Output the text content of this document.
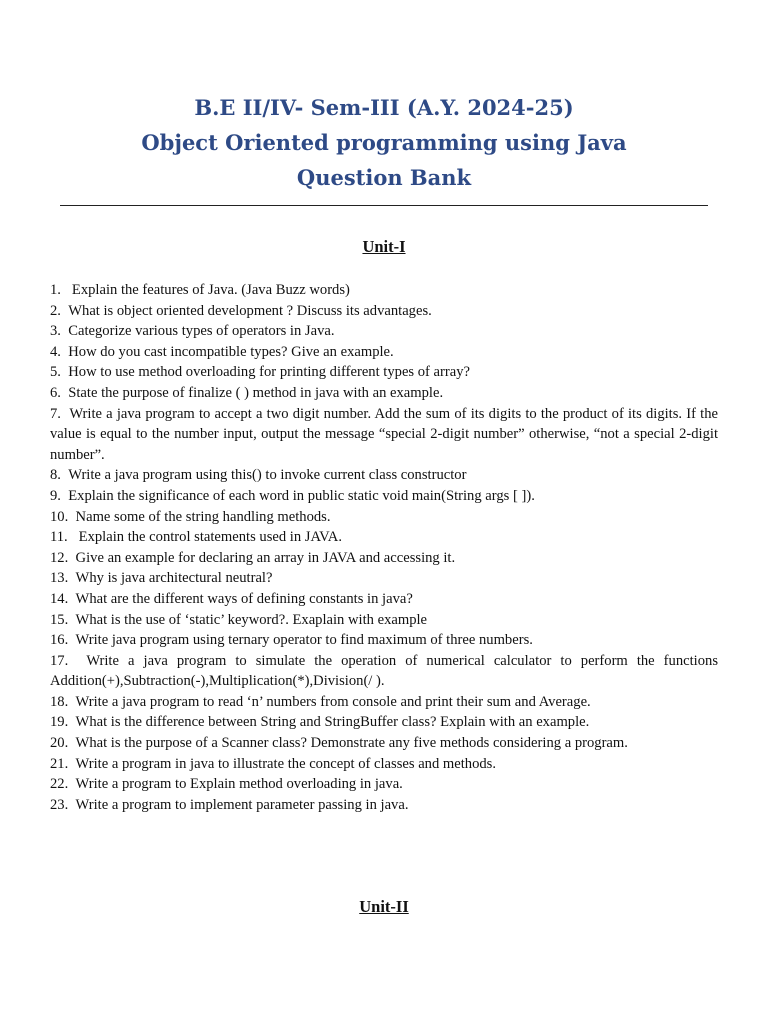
B.E II/IV- Sem-III (A.Y. 2024-25)
Object Oriented programming using Java
Question Bank
Unit-I
1. Explain the features of Java. (Java Buzz words)
2. What is object oriented development ? Discuss its advantages.
3. Categorize various types of operators in Java.
4. How do you cast incompatible types? Give an example.
5. How to use method overloading for printing different types of array?
6. State the purpose of finalize ( ) method in java with an example.
7. Write a java program to accept a two digit number. Add the sum of its digits to the product of its digits. If the value is equal to the number input, output the message “special 2-digit number” otherwise, “not a special 2-digit number”.
8. Write a java program using this() to invoke current class constructor
9. Explain the significance of each word in public static void main(String args [ ]).
10. Name some of the string handling methods.
11. Explain the control statements used in JAVA.
12. Give an example for declaring an array in JAVA and accessing it.
13. Why is java architectural neutral?
14. What are the different ways of defining constants in java?
15. What is the use of ‘static’ keyword?. Exaplain with example
16. Write java program using ternary operator to find maximum of three numbers.
17. Write a java program to simulate the operation of numerical calculator to perform the functions Addition(+),Subtraction(-),Multiplication(*),Division(/ ).
18. Write a java program to read ‘n’ numbers from console and print their sum and Average.
19. What is the difference between String and StringBuffer class? Explain with an example.
20. What is the purpose of a Scanner class? Demonstrate any five methods considering a program.
21. Write a program in java to illustrate the concept of classes and methods.
22. Write a program to Explain method overloading in java.
23. Write a program to implement parameter passing in java.
Unit-II
